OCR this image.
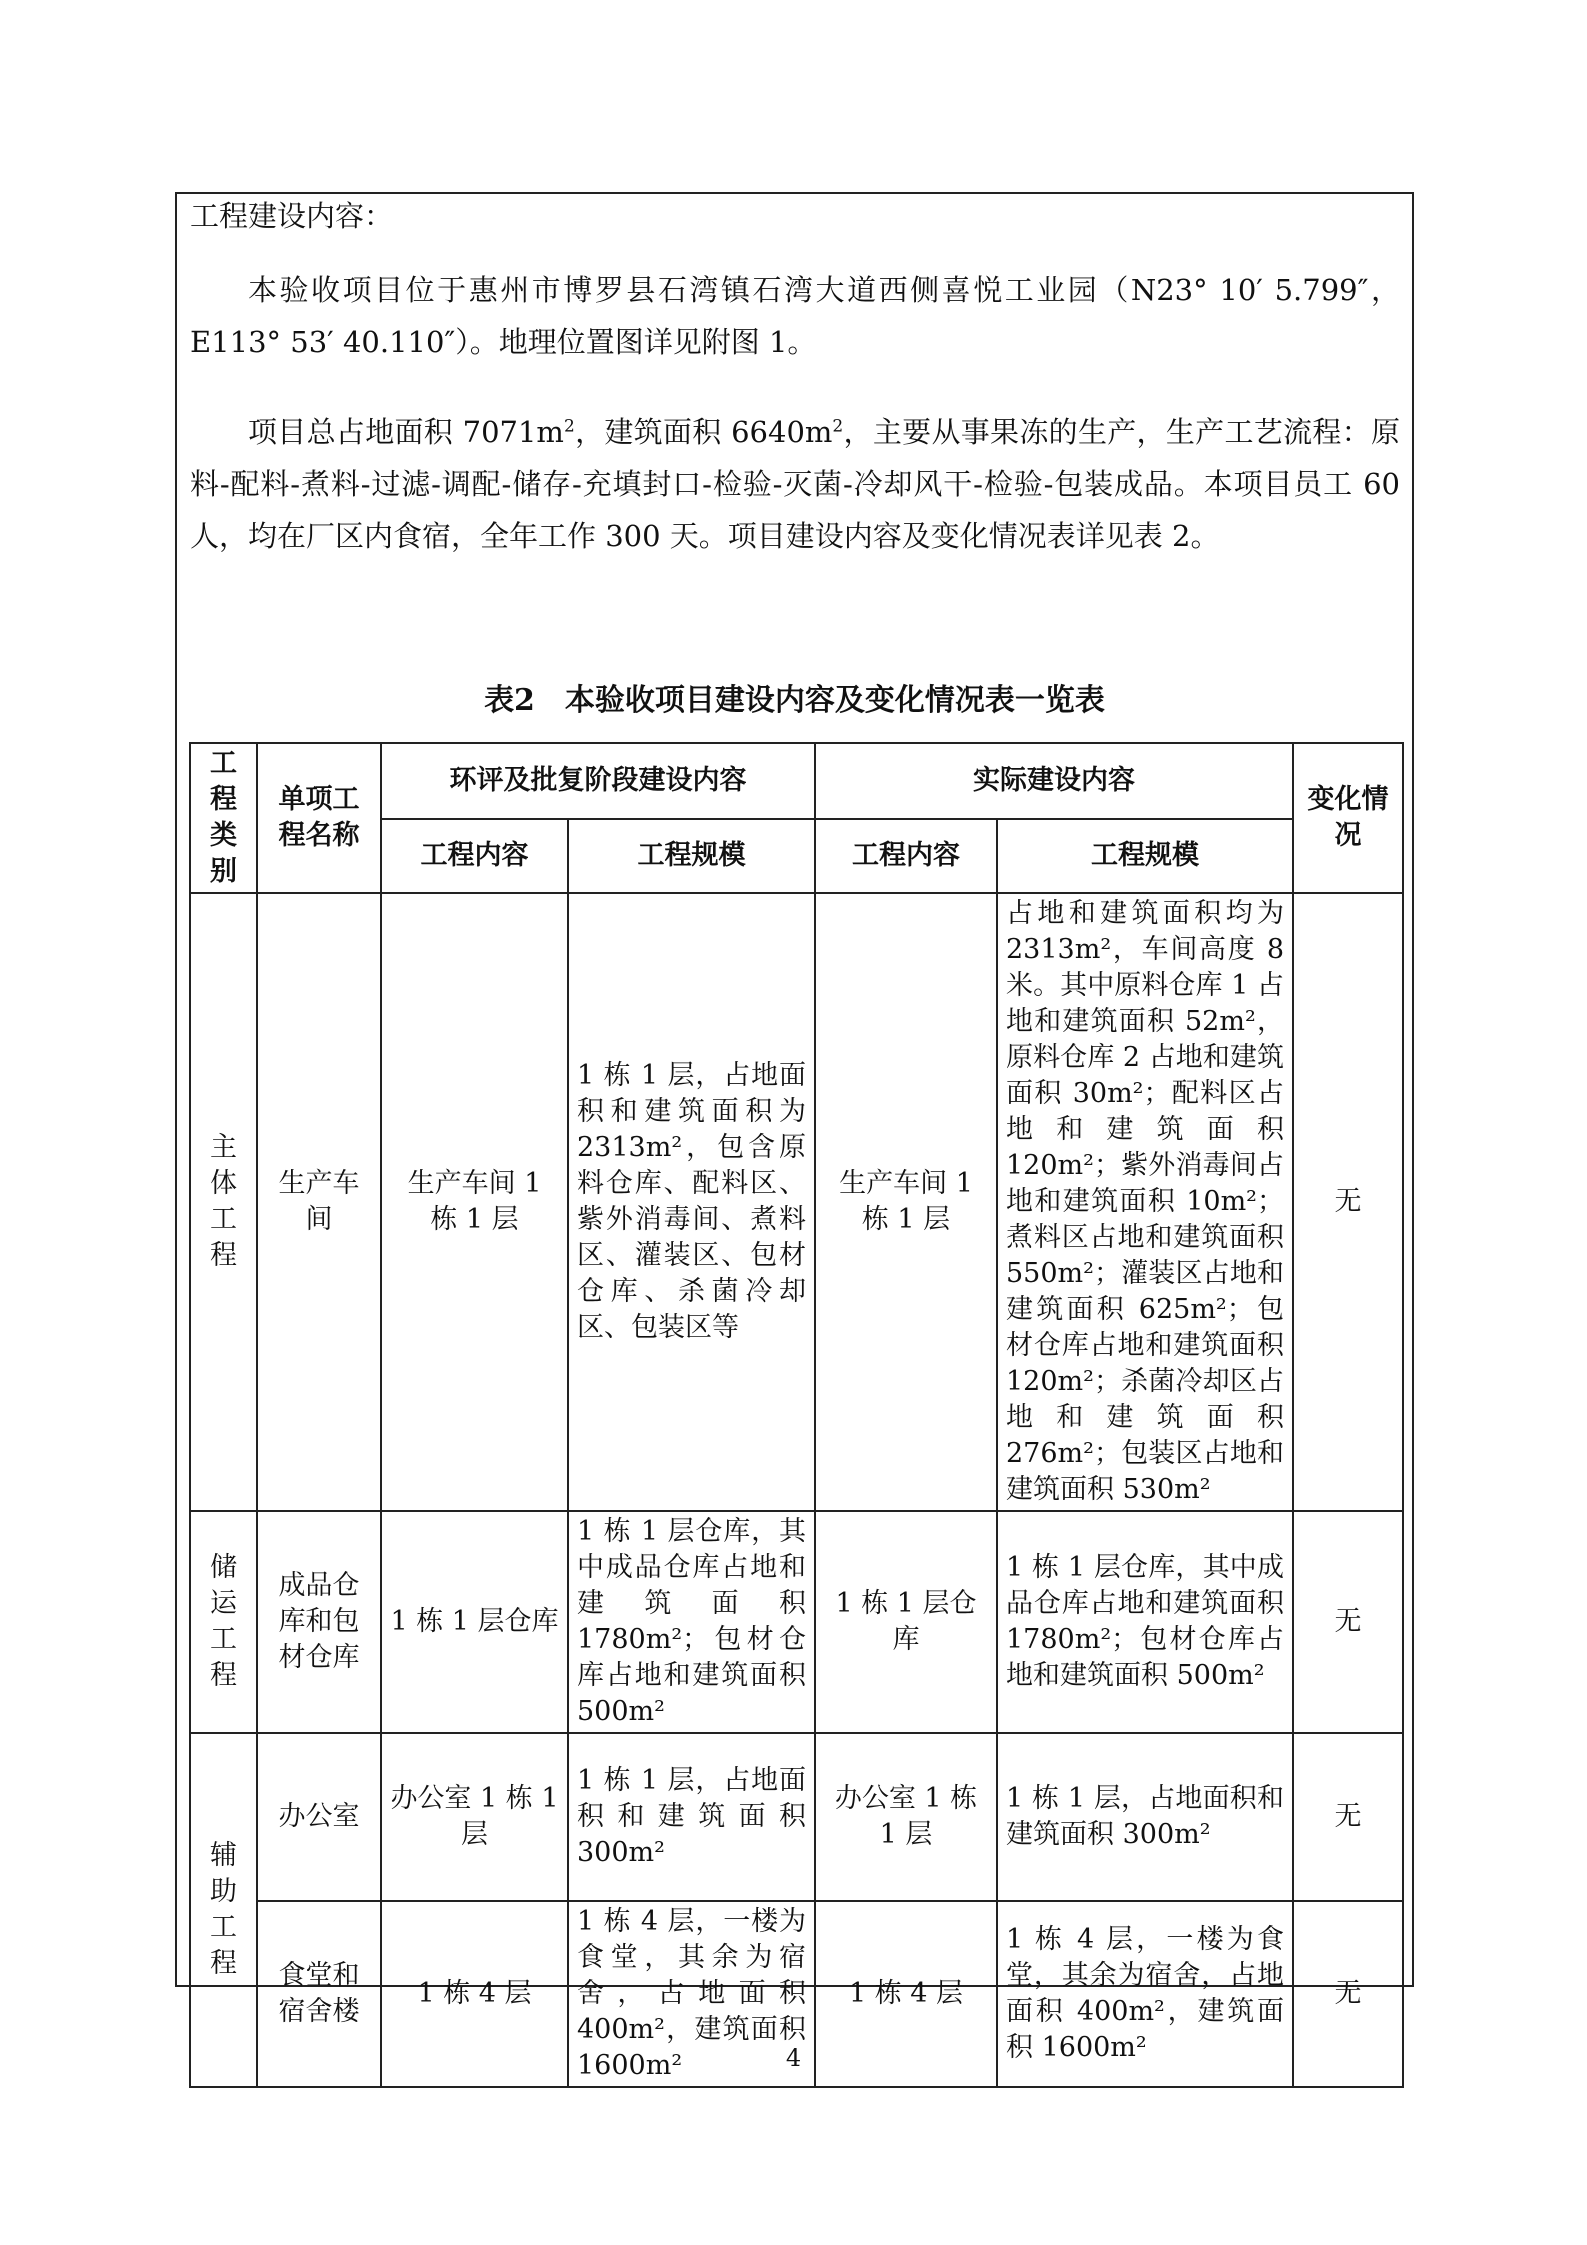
工程建设内容：

本验收项目位于惠州市博罗县石湾镇石湾大道西侧喜悦工业园（N23° 10′ 5.799″，E113° 53′ 40.110″）。地理位置图详见附图 1。

项目总占地面积 $7071m^2$，建筑面积 $6640m^2$，主要从事果冻的生产，生产工艺流程：原料-配料-煮料-过滤-调配-储存-充填封口-检验-灭菌-冷却风干-检验-包装成品。本项目员工 60 人，均在厂区内食宿，全年工作 300 天。项目建设内容及变化情况表详见表 2。

表2　本验收项目建设内容及变化情况表一览表

工程类别	单项工程名称	环评及批复阶段建设内容		实际建设内容		变化情况
		工程内容	工程规模	工程内容	工程规模	
主体工程	生产车间	生产车间 1 栋 1 层	1 栋 1 层，占地面积和建筑面积为 2313m²，包含原料仓库、配料区、紫外消毒间、煮料区、灌装区、包材仓库、杀菌冷却区、包装区等	生产车间 1 栋 1 层	占地和建筑面积均为 2313m²，车间高度 8 米。其中原料仓库 1 占地和建筑面积 52m²，原料仓库 2 占地和建筑面积 30m²；配料区占地和建筑面积 120m²；紫外消毒间占地和建筑面积 10m²；煮料区占地和建筑面积 550m²；灌装区占地和建筑面积 625m²；包材仓库占地和建筑面积 120m²；杀菌冷却区占地和建筑面积 276m²；包装区占地和建筑面积 530m²	无
储运工程	成品仓库和包材仓库	1 栋 1 层仓库	1 栋 1 层仓库，其中成品仓库占地和建筑面积 1780m²；包材仓库占地和建筑面积 500m²	1 栋 1 层仓库	1 栋 1 层仓库，其中成品仓库占地和建筑面积 1780m²；包材仓库占地和建筑面积 500m²	无
辅助工程	办公室	办公室 1 栋 1 层	1 栋 1 层，占地面积和建筑面积 300m²	办公室 1 栋 1 层	1 栋 1 层，占地面积和建筑面积 300m²	无
	食堂和宿舍楼	1 栋 4 层	1 栋 4 层，一楼为食堂，其余为宿舍，占地面积 400m²，建筑面积 1600m²	1 栋 4 层	1 栋 4 层，一楼为食堂，其余为宿舍，占地面积 400m²，建筑面积 1600m²	无
4
